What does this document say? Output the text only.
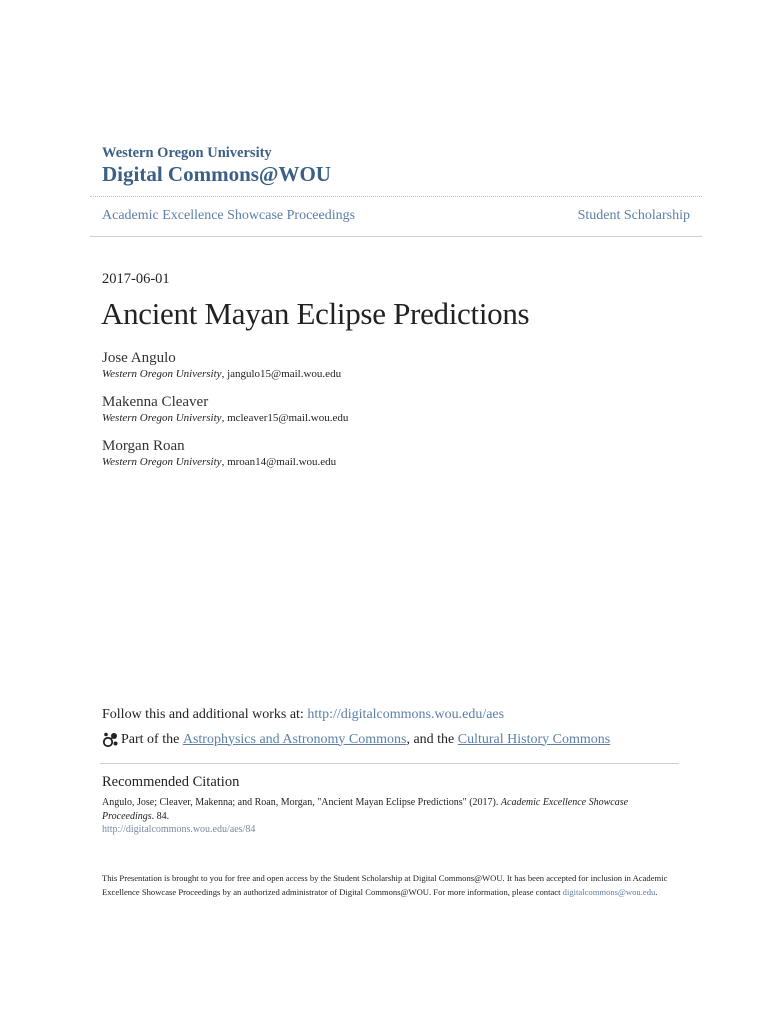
Western Oregon University
Digital Commons@WOU
Academic Excellence Showcase Proceedings	Student Scholarship
2017-06-01
Ancient Mayan Eclipse Predictions
Jose Angulo
Western Oregon University, jangulo15@mail.wou.edu
Makenna Cleaver
Western Oregon University, mcleaver15@mail.wou.edu
Morgan Roan
Western Oregon University, mroan14@mail.wou.edu
Follow this and additional works at: http://digitalcommons.wou.edu/aes
Part of the
Astrophysics and Astronomy Commons , and the
Cultural History Commons
Recommended Citation
Angulo, Jose; Cleaver, Makenna; and Roan, Morgan, "Ancient Mayan Eclipse Predictions" (2017). Academic Excellence Showcase Proceedings. 84.
http://digitalcommons.wou.edu/aes/84
This Presentation is brought to you for free and open access by the Student Scholarship at Digital Commons@WOU. It has been accepted for inclusion in Academic Excellence Showcase Proceedings by an authorized administrator of Digital Commons@WOU. For more information, please contact digitalcommons@wou.edu.
